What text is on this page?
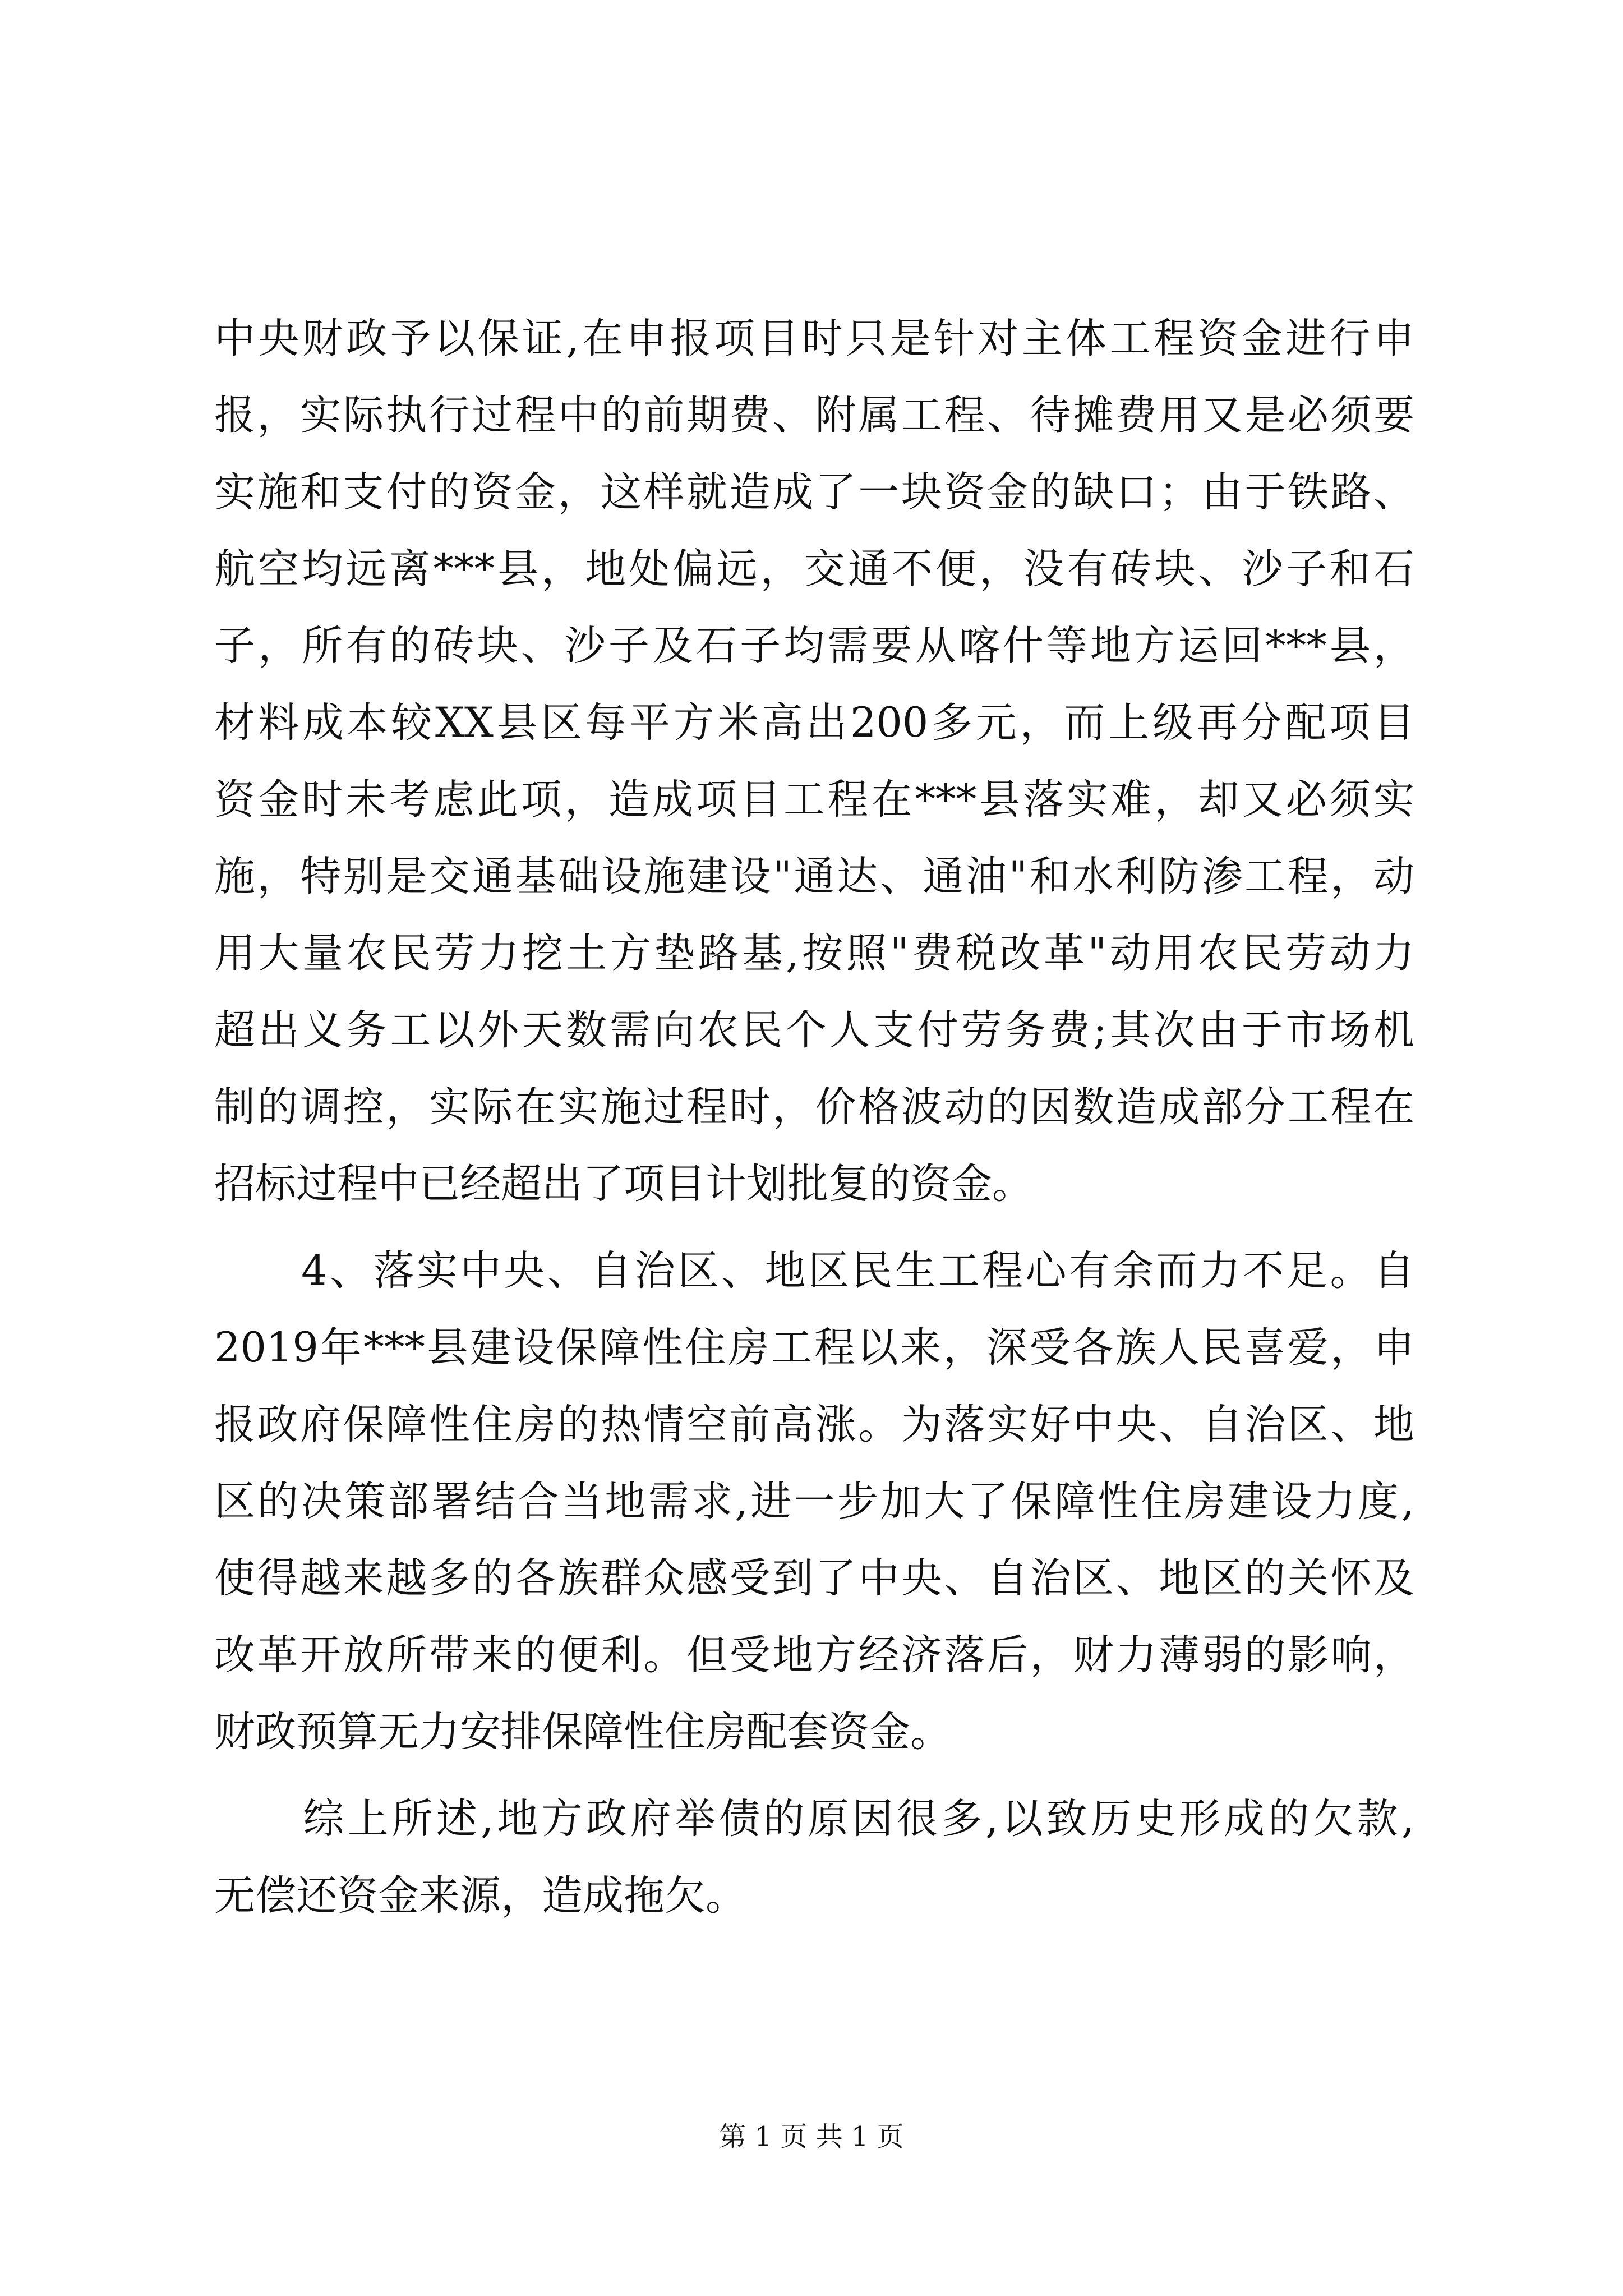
中央财政予以保证,在申报项目时只是针对主体工程资金进行申
报，实际执行过程中的前期费、附属工程、待摊费用又是必须要
实施和支付的资金，这样就造成了一块资金的缺口；由于铁路、
航空均远离***县，地处偏远，交通不便，没有砖块、沙子和石
子，所有的砖块、沙子及石子均需要从喀什等地方运回***县，
材料成本较XX县区每平方米高出200多元，而上级再分配项目
资金时未考虑此项，造成项目工程在***县落实难，却又必须实
施，特别是交通基础设施建设"通达、通油"和水利防渗工程，动
用大量农民劳力挖土方垫路基,按照"费税改革"动用农民劳动力
超出义务工以外天数需向农民个人支付劳务费;其次由于市场机
制的调控，实际在实施过程时，价格波动的因数造成部分工程在
招标过程中已经超出了项目计划批复的资金。
　　4、落实中央、自治区、地区民生工程心有余而力不足。自
2019年***县建设保障性住房工程以来，深受各族人民喜爱，申
报政府保障性住房的热情空前高涨。为落实好中央、自治区、地
区的决策部署结合当地需求,进一步加大了保障性住房建设力度,
使得越来越多的各族群众感受到了中央、自治区、地区的关怀及
改革开放所带来的便利。但受地方经济落后，财力薄弱的影响，
财政预算无力安排保障性住房配套资金。
　　综上所述,地方政府举债的原因很多,以致历史形成的欠款,
无偿还资金来源，造成拖欠。
第 1 页 共 1 页
